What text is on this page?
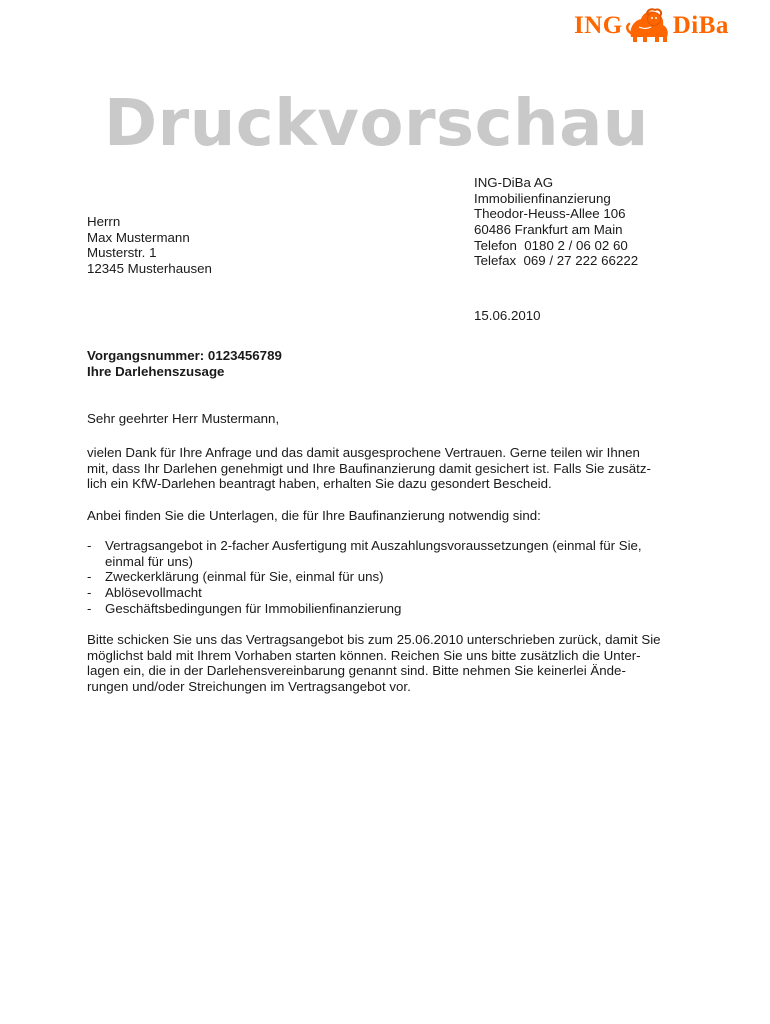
ING DiBa
Druckvorschau
ING-DiBa AG
Immobilienfinanzierung
Theodor-Heuss-Allee 106
60486 Frankfurt am Main
Telefon  0180 2 / 06 02 60
Telefax  069 / 27 222 66222
Herrn
Max Mustermann
Musterstr. 1
12345 Musterhausen
15.06.2010
Vorgangsnummer: 0123456789
Ihre Darlehenszusage
Sehr geehrter Herr Mustermann,
vielen Dank für Ihre Anfrage und das damit ausgesprochene Vertrauen. Gerne teilen wir Ihnen
mit, dass Ihr Darlehen genehmigt und Ihre Baufinanzierung damit gesichert ist. Falls Sie zusätz-
lich ein KfW-Darlehen beantragt haben, erhalten Sie dazu gesondert Bescheid.
Anbei finden Sie die Unterlagen, die für Ihre Baufinanzierung notwendig sind:
- Vertragsangebot in 2-facher Ausfertigung mit Auszahlungsvoraussetzungen (einmal für Sie,
einmal für uns)
- Zweckerklärung (einmal für Sie, einmal für uns)
- Ablösevollmacht
- Geschäftsbedingungen für Immobilienfinanzierung
Bitte schicken Sie uns das Vertragsangebot bis zum 25.06.2010 unterschrieben zurück, damit Sie
möglichst bald mit Ihrem Vorhaben starten können. Reichen Sie uns bitte zusätzlich die Unter-
lagen ein, die in der Darlehensvereinbarung genannt sind. Bitte nehmen Sie keinerlei Ände-
rungen und/oder Streichungen im Vertragsangebot vor.
